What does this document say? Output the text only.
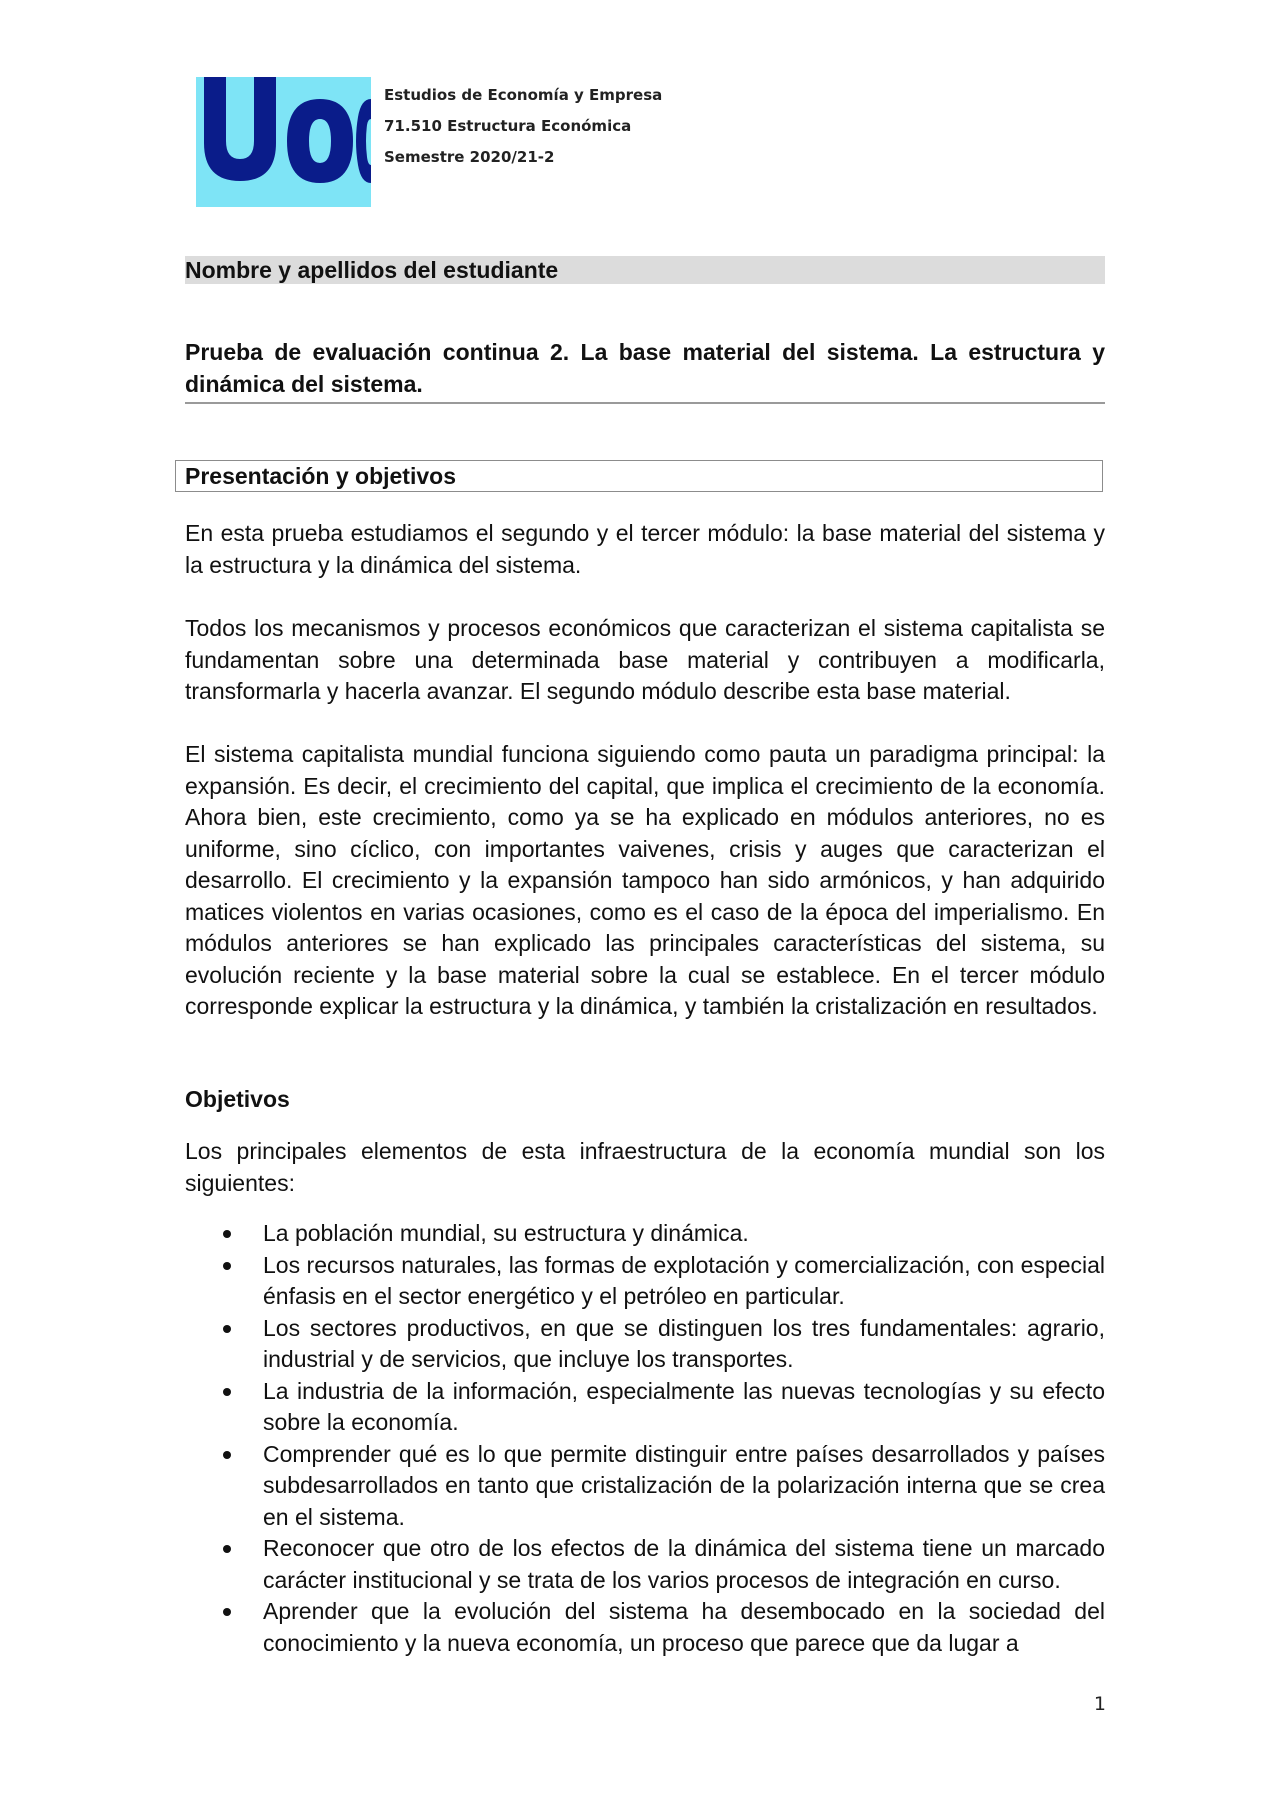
Estudios de Economía y Empresa
71.510 Estructura Económica
Semestre 2020/21-2
Nombre y apellidos del estudiante
Prueba de evaluación continua 2. La base material del sistema. La estructura y dinámica del sistema.
Presentación y objetivos

En esta prueba estudiamos el segundo y el tercer módulo: la base material del sistema y la estructura y la dinámica del sistema.

Todos los mecanismos y procesos económicos que caracterizan el sistema capitalista se fundamentan sobre una determinada base material y contribuyen a modificarla, transformarla y hacerla avanzar. El segundo módulo describe esta base material.

El sistema capitalista mundial funciona siguiendo como pauta un paradigma principal: la expansión. Es decir, el crecimiento del capital, que implica el crecimiento de la economía. Ahora bien, este crecimiento, como ya se ha explicado en módulos anteriores, no es uniforme, sino cíclico, con importantes vaivenes, crisis y auges que caracterizan el desarrollo. El crecimiento y la expansión tampoco han sido armónicos, y han adquirido matices violentos en varias ocasiones, como es el caso de la época del imperialismo. En módulos anteriores se han explicado las principales características del sistema, su evolución reciente y la base material sobre la cual se establece. En el tercer módulo corresponde explicar la estructura y la dinámica, y también la cristalización en resultados.

Objetivos

Los principales elementos de esta infraestructura de la economía mundial son los siguientes:

La población mundial, su estructura y dinámica.
Los recursos naturales, las formas de explotación y comercialización, con especial énfasis en el sector energético y el petróleo en particular.
Los sectores productivos, en que se distinguen los tres fundamentales: agrario, industrial y de servicios, que incluye los transportes.
La industria de la información, especialmente las nuevas tecnologías y su efecto sobre la economía.
Comprender qué es lo que permite distinguir entre países desarrollados y países subdesarrollados en tanto que cristalización de la polarización interna que se crea en el sistema.
Reconocer que otro de los efectos de la dinámica del sistema tiene un marcado carácter institucional y se trata de los varios procesos de integración en curso.
Aprender que la evolución del sistema ha desembocado en la sociedad del conocimiento y la nueva economía, un proceso que parece que da lugar a
1
